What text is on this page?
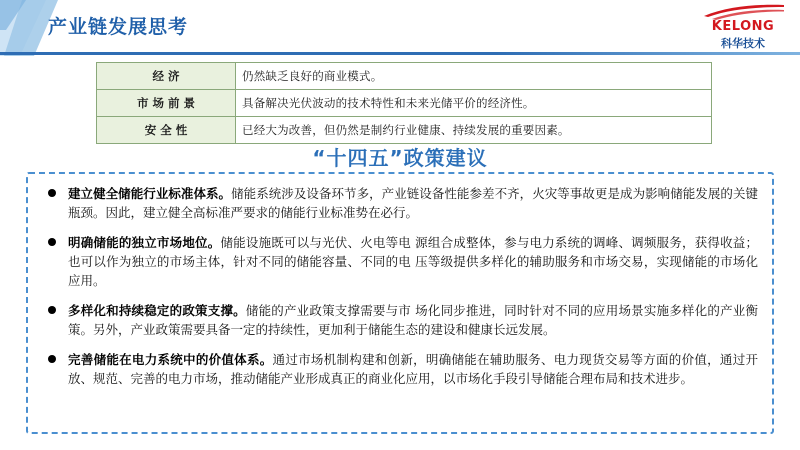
产业链发展思考	KELONG
科华技术
经济	仍然缺乏良好的商业模式。
市场前景	具备解决光伏波动的技术特性和未来光储平价的经济性。
安全性	已经大为改善，但仍然是制约行业健康、持续发展的重要因素。
“十四五”政策建议
建立健全储能行业标准体系。储能系统涉及设备环节多，产业链设备性能参差不齐，火灾等事故更是成为影响储能发展的关键瓶颈。因此，建立健全高标准严要求的储能行业标准势在必行。
明确储能的独立市场地位。储能设施既可以与光伏、火电等电 源组合成整体，参与电力系统的调峰、调频服务，获得收益；也可以作为独立的市场主体，针对不同的储能容量、不同的电 压等级提供多样化的辅助服务和市场交易，实现储能的市场化 应用。
多样化和持续稳定的政策支撑。储能的产业政策支撑需要与市 场化同步推进，同时针对不同的应用场景实施多样化的产业衡 策。另外，产业政策需要具备一定的持续性，更加利于储能生态的建设和健康长远发展。
完善储能在电力系统中的价值体系。通过市场机制构建和创新，明确储能在辅助服务、电力现货交易等方面的价值，通过开放、规范、完善的电力市场，推动储能产业形成真正的商业化应用，以市场化手段引导储能合理布局和技术进步。
